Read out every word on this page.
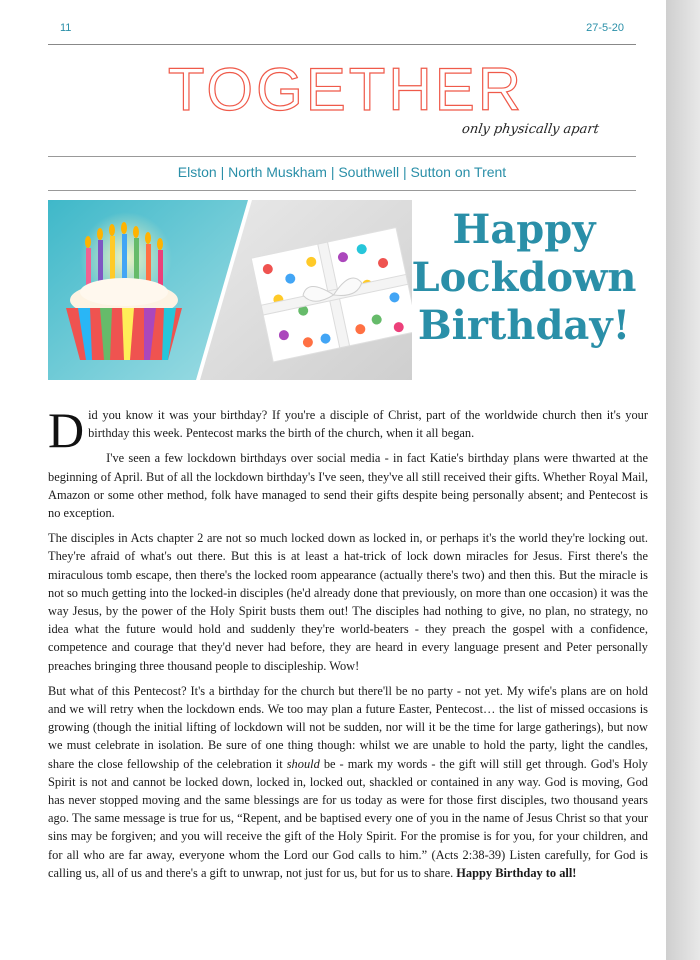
11	27-5-20
TOGETHER
only physically apart
Elston | North Muskham | Southwell | Sutton on Trent
Happy
Lockdown
Birthday!

Did you know it was your birthday? If you're a disciple of Christ, part of the worldwide church then it's your birthday this week. Pentecost marks the birth of the church, when it all began.

I've seen a few lockdown birthdays over social media - in fact Katie's birthday plans were thwarted at the beginning of April. But of all the lockdown birthday's I've seen, they've all still received their gifts. Whether Royal Mail, Amazon or some other method, folk have managed to send their gifts despite being personally absent; and Pentecost is no exception.

The disciples in Acts chapter 2 are not so much locked down as locked in, or perhaps it's the world they're locking out. They're afraid of what's out there. But this is at least a hat-trick of lock down miracles for Jesus. First there's the miraculous tomb escape, then there's the locked room appearance (actually there's two) and then this. But the miracle is not so much getting into the locked-in disciples (he'd already done that previously, on more than one occasion) it was the way Jesus, by the power of the Holy Spirit busts them out! The disciples had nothing to give, no plan, no strategy, no idea what the future would hold and suddenly they're world-beaters - they preach the gospel with a confidence, competence and courage that they'd never had before, they are heard in every language present and Peter personally preaches bringing three thousand people to discipleship. Wow!

But what of this Pentecost? It's a birthday for the church but there'll be no party - not yet. My wife's plans are on hold and we will retry when the lockdown ends. We too may plan a future Easter, Pentecost… the list of missed occasions is growing (though the initial lifting of lockdown will not be sudden, nor will it be the time for large gatherings), but now we must celebrate in isolation. Be sure of one thing though: whilst we are unable to hold the party, light the candles, share the close fellowship of the celebration it should be - mark my words - the gift will still get through. God's Holy Spirit is not and cannot be locked down, locked in, locked out, shackled or contained in any way. God is moving, God has never stopped moving and the same blessings are for us today as were for those first disciples, two thousand years ago. The same message is true for us, “Repent, and be baptised every one of you in the name of Jesus Christ so that your sins may be forgiven; and you will receive the gift of the Holy Spirit. For the promise is for you, for your children, and for all who are far away, everyone whom the Lord our God calls to him.” (Acts 2:38-39) Listen carefully, for God is calling us, all of us and there's a gift to unwrap, not just for us, but for us to share. Happy Birthday to all!
